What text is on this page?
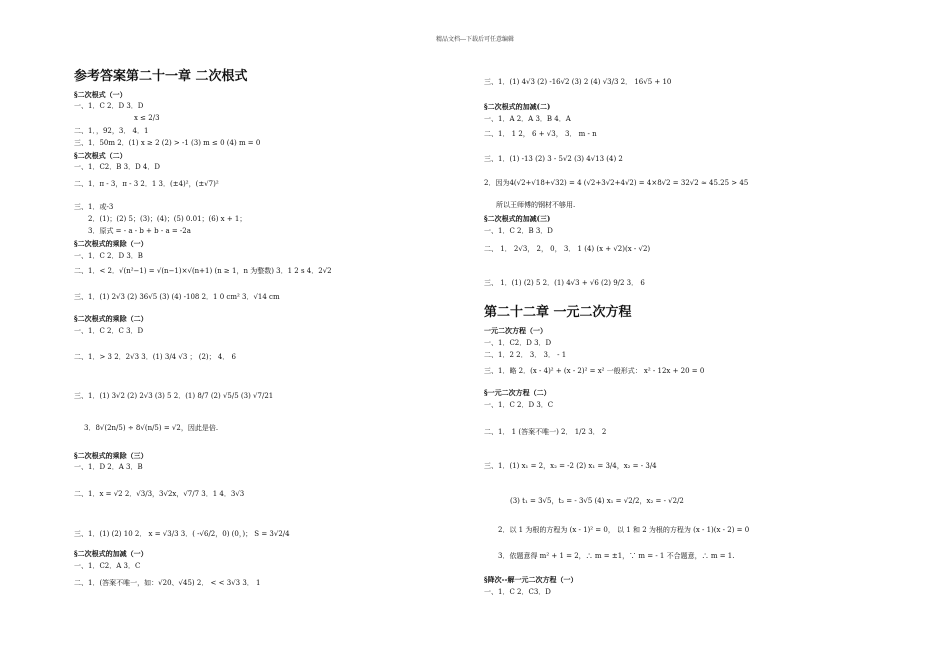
精品文档---下载后可任意编辑
参考答案第二十一章 二次根式
§二次根式（一）
一、1．C 2．D 3．D
x ≤ 2/3
二、1．，92，3． 4．1
三、1．50m 2．(1) x ≥ 2 (2) > -1 (3) m ≤ 0 (4) m = 0
§二次根式（二）
一、1．C2．B 3．D 4．D
二、1．π - 3，π - 3 2．1 3．(±4)²，(±√7)²
三、1．或-3
2．(1)；(2) 5；(3)；(4)；(5) 0.01；(6) x + 1；
3．原式 = - a - b + b - a = -2a
§二次根式的乘除（一）
一、1．C 2．D 3．B
二、1．< 2．√(n²−1) = √(n−1)×√(n+1) (n ≥ 1，n 为整数) 3．1 2 s 4．2√2
三、1．(1) 2√3 (2) 36√5 (3) (4) -108 2．1 0 cm² 3．√14 cm
§二次根式的乘除（二）
一、1．C 2．C 3．D
二、1．> 3 2．2√3 3．(1) 3/4 √3 ； (2)； 4． 6
三、1．(1) 3√2 (2) 2√3 (3) 5 2．(1) 8/7 (2) √5/5 (3) √7/21
3．8√(2n/5) ÷ 8√(n/5) = √2，因此是倍.
§二次根式的乘除（三）
一、1．D 2．A 3．B
二、1．x = √2 2．√3/3，3√2x，√7/7 3．1 4．3√3
三、1．(1) (2) 10 2． x = √3/3 3．( -√6/2，0) (0，)； S = 3√2/4
§二次根式的加减（一）
一、1．C2．A 3．C
二、1．(答案不唯一，如：√20、√45) 2． < < 3√3 3． 1
三、1．(1) 4√3 (2) -16√2 (3) 2 (4) √3/3 2． 16√5 + 10
§二次根式的加减(二)
一、1．A 2．A 3．B 4．A
二、1． 1 2， 6 + √3， 3． m - n
三、1．(1) -13 (2) 3 - 5√2 (3) 4√13 (4) 2
2．因为4(√2+√18+√32) = 4 (√2+3√2+4√2) = 4×8√2 = 32√2 ≈ 45.25 > 45
所以王师傅的钢材不够用.
§二次根式的加减(三)
一、1．C 2．B 3．D
二、 1． 2√3， 2， 0， 3． 1 (4) (x + √2)(x - √2)
三、 1．(1) (2) 5 2．(1) 4√3 + √6 (2) 9/2 3． 6
第二十二章 一元二次方程
一元二次方程（一）
一、1．C2．D 3．D
二、1．2 2． 3． 3． - 1
三、1．略 2．(x - 4)² + (x - 2)² = x² 一般形式： x² - 12x + 20 = 0
§一元二次方程（二）
一、1．C 2．D 3．C
二、1． 1 (答案不唯一) 2． 1/2 3． 2
三、1．(1) x₁ = 2，x₂ = -2 (2) x₁ = 3/4，x₂ = - 3/4
(3) t₁ = 3√5，t₂ = - 3√5 (4) x₁ = √2/2，x₂ = - √2/2
2．以 1 为根的方程为 (x - 1)² = 0， 以 1 和 2 为根的方程为 (x - 1)(x - 2) = 0
3．依题意得 m² + 1 = 2，∴ m = ±1，∵ m = - 1 不合题意，∴ m = 1.
§降次--解一元二次方程（一）
一、1．C 2．C3．D
